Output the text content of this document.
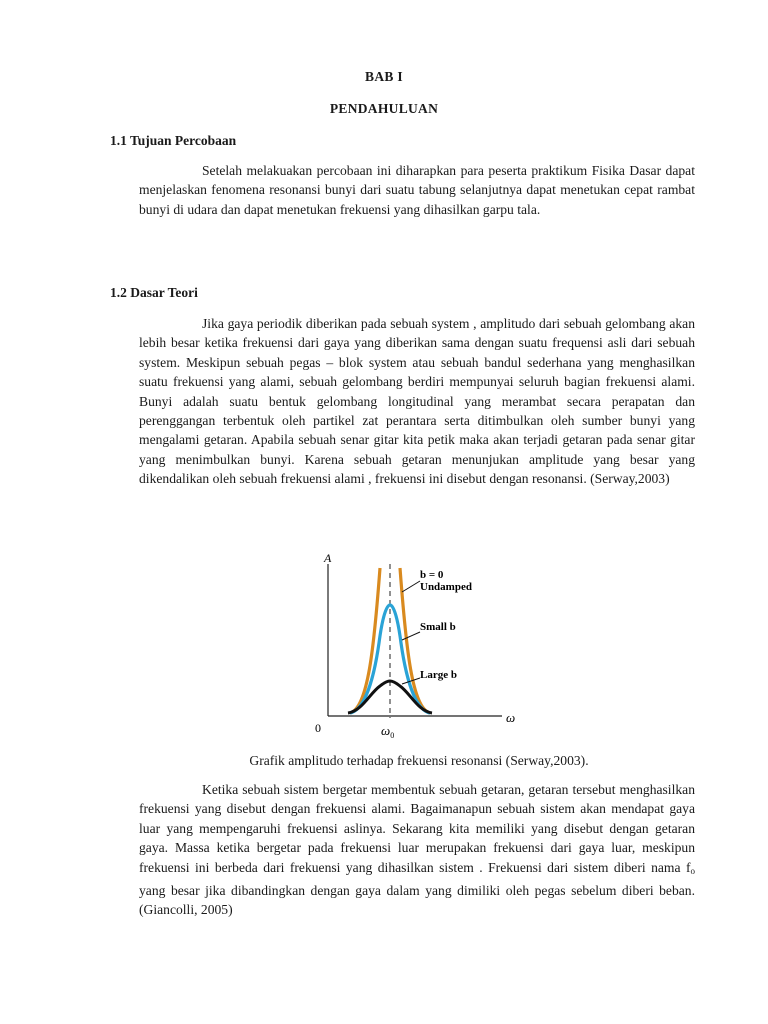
BAB I
PENDAHULUAN
1.1 Tujuan Percobaan

Setelah melakuakan percobaan ini diharapkan para peserta praktikum Fisika Dasar dapat menjelaskan fenomena resonansi bunyi dari suatu tabung selanjutnya dapat menetukan cepat rambat bunyi di udara dan dapat menetukan frekuensi yang dihasilkan garpu tala.

1.2 Dasar Teori

Jika gaya periodik diberikan pada sebuah system , amplitudo dari sebuah gelombang akan lebih besar ketika frekuensi dari gaya yang diberikan sama dengan suatu frequensi asli dari sebuah system. Meskipun sebuah pegas – blok system atau sebuah bandul sederhana yang menghasilkan suatu frekuensi yang alami, sebuah gelombang berdiri mempunyai seluruh bagian frekuensi alami. Bunyi adalah suatu bentuk gelombang longitudinal yang merambat secara perapatan dan perenggangan terbentuk oleh partikel zat perantara serta ditimbulkan oleh sumber bunyi yang mengalami getaran. Apabila sebuah senar gitar kita petik maka akan terjadi getaran pada senar gitar yang menimbulkan bunyi. Karena sebuah getaran menunjukan amplitude yang besar yang dikendalikan oleh sebuah frekuensi alami , frekuensi ini disebut dengan resonansi. (Serway,2003)

A
ω
0	$\omega_0$
b = 0
Undamped
Small b
Large b
Grafik amplitudo terhadap frekuensi resonansi (Serway,2003).

Ketika sebuah sistem bergetar membentuk sebuah getaran, getaran tersebut menghasilkan frekuensi yang disebut dengan frekuensi alami. Bagaimanapun sebuah sistem akan mendapat gaya luar yang mempengaruhi frekuensi aslinya. Sekarang kita memiliki yang disebut dengan getaran gaya. Massa ketika bergetar pada frekuensi luar merupakan frekuensi dari gaya luar, meskipun frekuensi ini berbeda dari frekuensi yang dihasilkan sistem . Frekuensi dari sistem diberi nama $f_o$ yang besar jika dibandingkan dengan gaya dalam yang dimiliki oleh pegas sebelum diberi beban. (Giancolli, 2005)
